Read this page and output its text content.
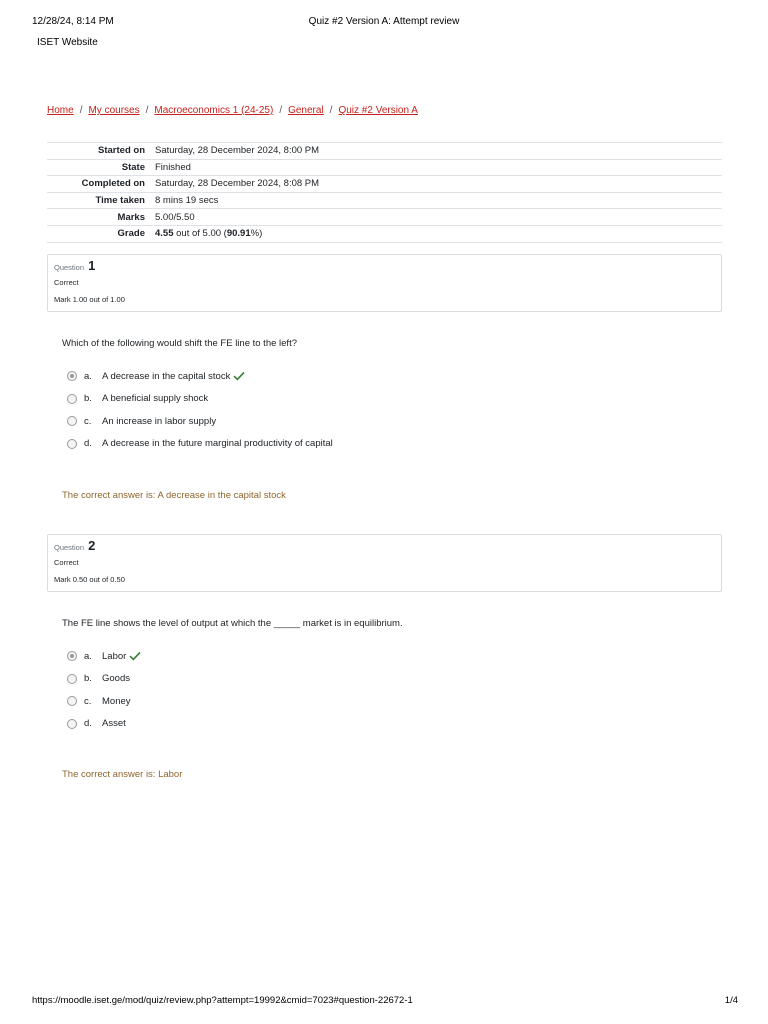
12/28/24, 8:14 PM	Quiz #2 Version A: Attempt review
ISET Website
Home / My courses / Macroeconomics 1 (24-25) / General / Quiz #2 Version A
Started on	Saturday, 28 December 2024, 8:00 PM
State	Finished
Completed on	Saturday, 28 December 2024, 8:08 PM
Time taken	8 mins 19 secs
Marks	5.00/5.50
Grade	4.55 out of 5.00 (90.91%)
Question 1
Correct
Mark 1.00 out of 1.00
Which of the following would shift the FE line to the left?
a.	A decrease in the capital stock
b.	A beneficial supply shock
c.	An increase in labor supply
d.	A decrease in the future marginal productivity of capital
The correct answer is: A decrease in the capital stock
Question 2
Correct
Mark 0.50 out of 0.50
The FE line shows the level of output at which the _____ market is in equilibrium.
a.	Labor
b.	Goods
c.	Money
d.	Asset
The correct answer is: Labor
https://moodle.iset.ge/mod/quiz/review.php?attempt=19992&cmid=7023#question-22672-1	1/4
